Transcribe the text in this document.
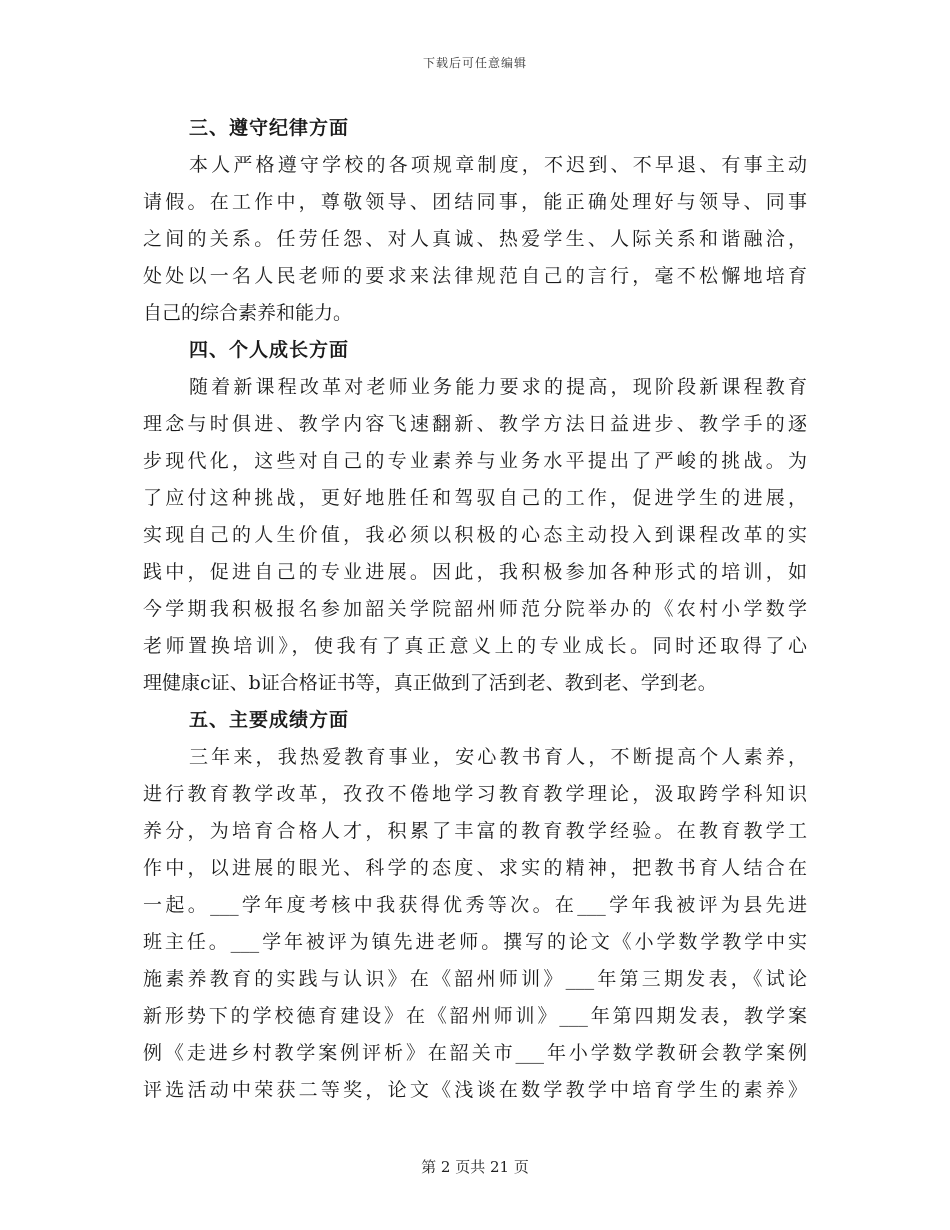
下载后可任意编辑
三、遵守纪律方面
本人严格遵守学校的各项规章制度，不迟到、不早退、有事主动
请假。在工作中，尊敬领导、团结同事，能正确处理好与领导、同事
之间的关系。任劳任怨、对人真诚、热爱学生、人际关系和谐融洽，
处处以一名人民老师的要求来法律规范自己的言行，毫不松懈地培育
自己的综合素养和能力。
四、个人成长方面
随着新课程改革对老师业务能力要求的提高，现阶段新课程教育
理念与时俱进、教学内容飞速翻新、教学方法日益进步、教学手的逐
步现代化，这些对自己的专业素养与业务水平提出了严峻的挑战。为
了应付这种挑战，更好地胜任和驾驭自己的工作，促进学生的进展，
实现自己的人生价值，我必须以积极的心态主动投入到课程改革的实
践中，促进自己的专业进展。因此，我积极参加各种形式的培训，如
今学期我积极报名参加韶关学院韶州师范分院举办的《农村小学数学
老师置换培训》，使我有了真正意义上的专业成长。同时还取得了心
理健康c证、b证合格证书等，真正做到了活到老、教到老、学到老。
五、主要成绩方面
三年来，我热爱教育事业，安心教书育人，不断提高个人素养，
进行教育教学改革，孜孜不倦地学习教育教学理论，汲取跨学科知识
养分，为培育合格人才，积累了丰富的教育教学经验。在教育教学工
作中，以进展的眼光、科学的态度、求实的精神，把教书育人结合在
一起。___学年度考核中我获得优秀等次。在___学年我被评为县先进
班主任。___学年被评为镇先进老师。撰写的论文《小学数学教学中实
施素养教育的实践与认识》在《韶州师训》___年第三期发表，《试论
新形势下的学校德育建设》在《韶州师训》___年第四期发表，教学案
例《走进乡村教学案例评析》在韶关市___年小学数学教研会教学案例
评选活动中荣获二等奖，论文《浅谈在数学教学中培育学生的素养》
第 2 页共 21 页
